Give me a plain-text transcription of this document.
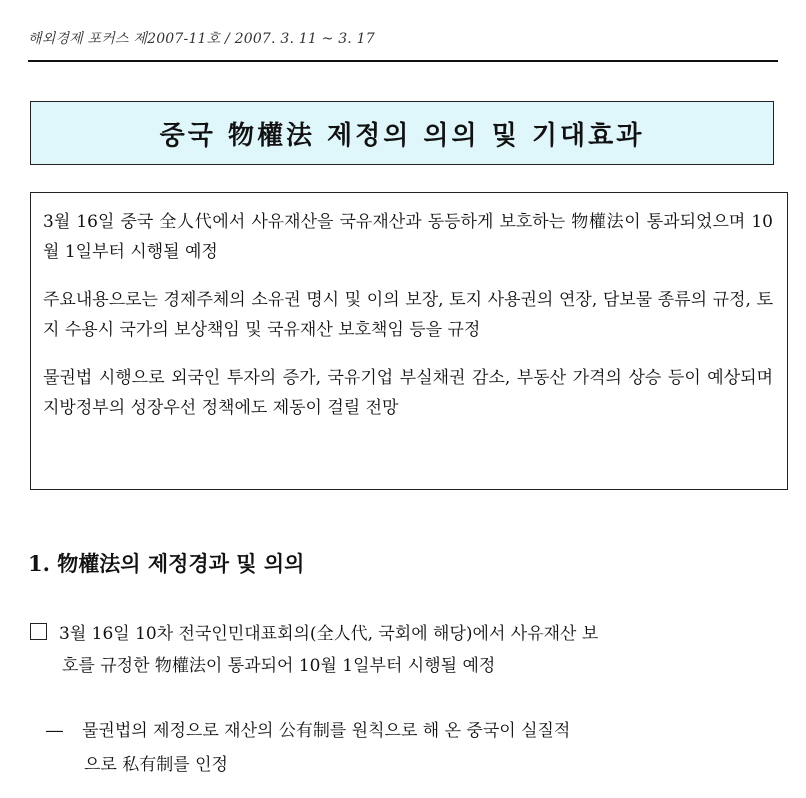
해외경제 포커스 제2007-11호 / 2007. 3. 11 ~ 3. 17
중국 物權法 제정의 의의 및 기대효과

3월 16일 중국 全人代에서 사유재산을 국유재산과 동등하게 보호하는 物權法이 통과되었으며 10월 1일부터 시행될 예정

주요내용으로는 경제주체의 소유권 명시 및 이의 보장, 토지 사용권의 연장, 담보물 종류의 규정, 토지 수용시 국가의 보상책임 및 국유재산 보호책임 등을 규정

물권법 시행으로 외국인 투자의 증가, 국유기업 부실채권 감소, 부동산 가격의 상승 등이 예상되며 지방정부의 성장우선 정책에도 제동이 걸릴 전망

1. 物權法의 제정경과 및 의의
3월 16일 10차 전국인민대표회의(全人代, 국회에 해당)에서 사유재산 보
호를 규정한 物權法이 통과되어 10월 1일부터 시행될 예정
― 물권법의 제정으로 재산의 公有制를 원칙으로 해 온 중국이 실질적
으로 私有制를 인정
